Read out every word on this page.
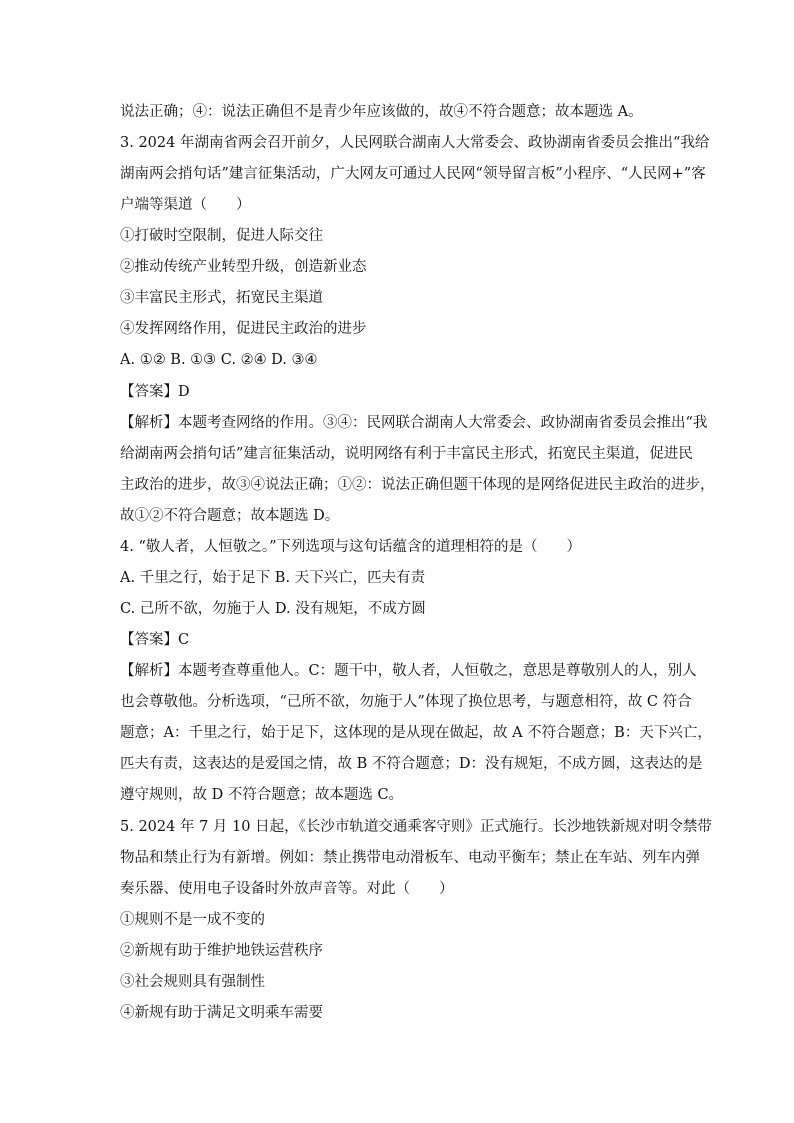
说法正确；④：说法正确但不是青少年应该做的，故④不符合题意；故本题选 A。
3. 2024 年湖南省两会召开前夕，人民网联合湖南人大常委会、政协湖南省委员会推出“我给
湖南两会捎句话”建言征集活动，广大网友可通过人民网“领导留言板”小程序、“人民网+”客
户端等渠道（　　）
①打破时空限制，促进人际交往
②推动传统产业转型升级，创造新业态
③丰富民主形式，拓宽民主渠道
④发挥网络作用，促进民主政治的进步
A. ①② B. ①③ C. ②④ D. ③④
【答案】D
【解析】本题考查网络的作用。③④：民网联合湖南人大常委会、政协湖南省委员会推出“我
给湖南两会捎句话”建言征集活动，说明网络有利于丰富民主形式，拓宽民主渠道，促进民
主政治的进步，故③④说法正确；①②：说法正确但题干体现的是网络促进民主政治的进步，
故①②不符合题意；故本题选 D。
4. “敬人者，人恒敬之。”下列选项与这句话蕴含的道理相符的是（　　）
A. 千里之行，始于足下 B. 天下兴亡，匹夫有责
C. 己所不欲，勿施于人 D. 没有规矩，不成方圆
【答案】C
【解析】本题考查尊重他人。C：题干中，敬人者，人恒敬之，意思是尊敬别人的人，别人
也会尊敬他。分析选项，“己所不欲，勿施于人”体现了换位思考，与题意相符，故 C 符合
题意；A：千里之行，始于足下，这体现的是从现在做起，故 A 不符合题意；B：天下兴亡，
匹夫有责，这表达的是爱国之情，故 B 不符合题意；D：没有规矩，不成方圆，这表达的是
遵守规则，故 D 不符合题意；故本题选 C。
5. 2024 年 7 月 10 日起，《长沙市轨道交通乘客守则》正式施行。长沙地铁新规对明令禁带
物品和禁止行为有新增。例如：禁止携带电动滑板车、电动平衡车；禁止在车站、列车内弹
奏乐器、使用电子设备时外放声音等。对此（　　）
①规则不是一成不变的
②新规有助于维护地铁运营秩序
③社会规则具有强制性
④新规有助于满足文明乘车需要
